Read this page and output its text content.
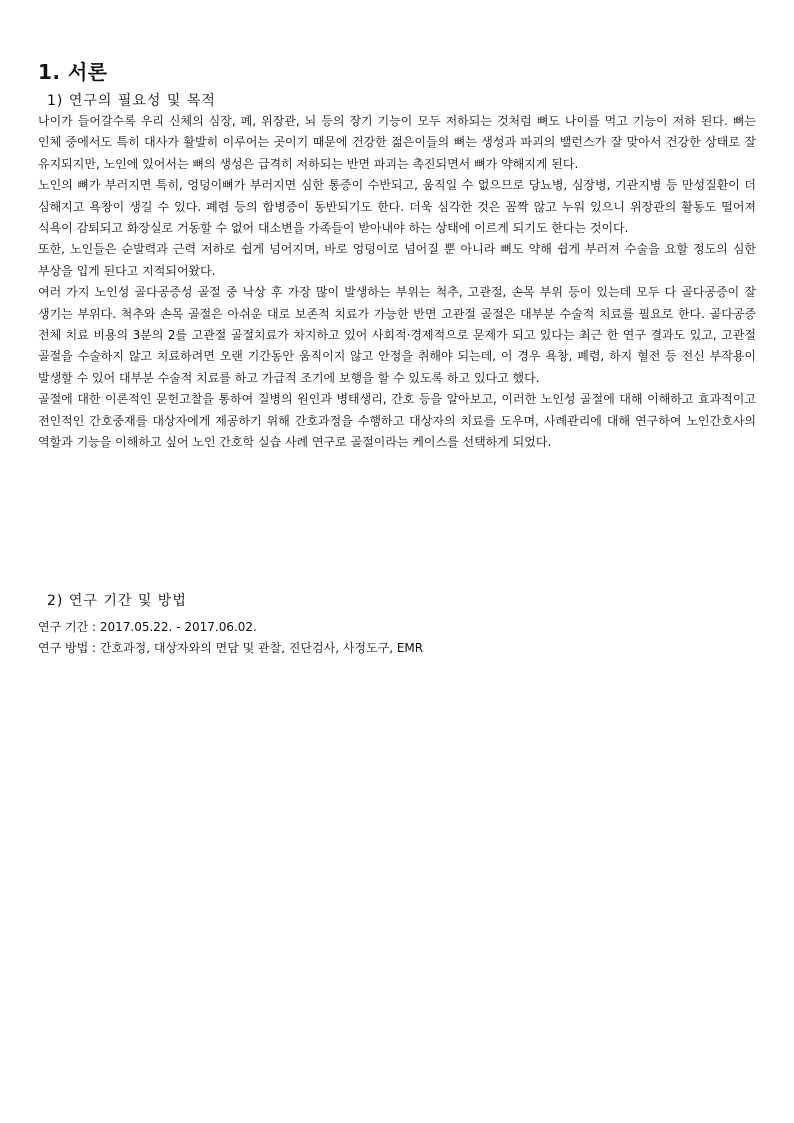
1. 서론
1) 연구의 필요성 및 목적

나이가 들어갈수록 우리 신체의 심장, 폐, 위장관, 뇌 등의 장기 기능이 모두 저하되는 것처럼 뼈도 나이를 먹고 기능이 저하 된다. 뼈는 인체 중에서도 특히 대사가 활발히 이루어는 곳이기 때문에 건강한 젊은이들의 뼈는 생성과 파괴의 밸런스가 잘 맞아서 건강한 상태로 잘 유지되지만, 노인에 있어서는 뼈의 생성은 급격히 저하되는 반면 파괴는 촉진되면서 뼈가 약해지게 된다.

노인의 뼈가 부러지면 특히, 엉덩이뼈가 부러지면 심한 통증이 수반되고, 움직일 수 없으므로 당뇨병, 심장병, 기관지병 등 만성질환이 더 심해지고 욕창이 생길 수 있다. 폐렴 등의 합병증이 동반되기도 한다. 더욱 심각한 것은 꼼짝 않고 누워 있으니 위장관의 활동도 떨어져 식욕이 감퇴되고 화장실로 거동할 수 없어 대소변을 가족들이 받아내야 하는 상태에 이르게 되기도 한다는 것이다.

또한, 노인들은 순발력과 근력 저하로 쉽게 넘어지며, 바로 엉덩이로 넘어질 뿐 아니라 뼈도 약해 쉽게 부러져 수술을 요할 정도의 심한 부상을 입게 된다고 지적되어왔다.

여러 가지 노인성 골다공증성 골절 중 낙상 후 가장 많이 발생하는 부위는 척추, 고관절, 손목 부위 등이 있는데 모두 다 골다공증이 잘 생기는 부위다. 척추와 손목 골절은 아쉬운 대로 보존적 치료가 가능한 반면 고관절 골절은 대부분 수술적 치료를 필요로 한다. 골다공증 전체 치료 비용의 3분의 2를 고관절 골절치료가 차지하고 있어 사회적·경제적으로 문제가 되고 있다는 최근 한 연구 결과도 있고, 고관절 골절을 수술하지 않고 치료하려면 오랜 기간동안 움직이지 않고 안정을 취해야 되는데, 이 경우 욕창, 폐렴, 하지 혈전 등 전신 부작용이 발생할 수 있어 대부분 수술적 치료를 하고 가급적 조기에 보행을 할 수 있도록 하고 있다고 했다.

골절에 대한 이론적인 문헌고찰을 통하여 질병의 원인과 병태생리, 간호 등을 알아보고, 이러한 노인성 골절에 대해 이해하고 효과적이고 전인적인 간호중재를 대상자에게 제공하기 위해 간호과정을 수행하고 대상자의 치료를 도우며, 사례관리에 대해 연구하여 노인간호사의 역할과 기능을 이해하고 싶어 노인 간호학 실습 사례 연구로 골절이라는 케이스를 선택하게 되었다.

2) 연구 기간 및 방법
연구 기간 : 2017.05.22. - 2017.06.02.
연구 방법 : 간호과정, 대상자와의 면담 및 관찰, 진단검사, 사정도구, EMR
